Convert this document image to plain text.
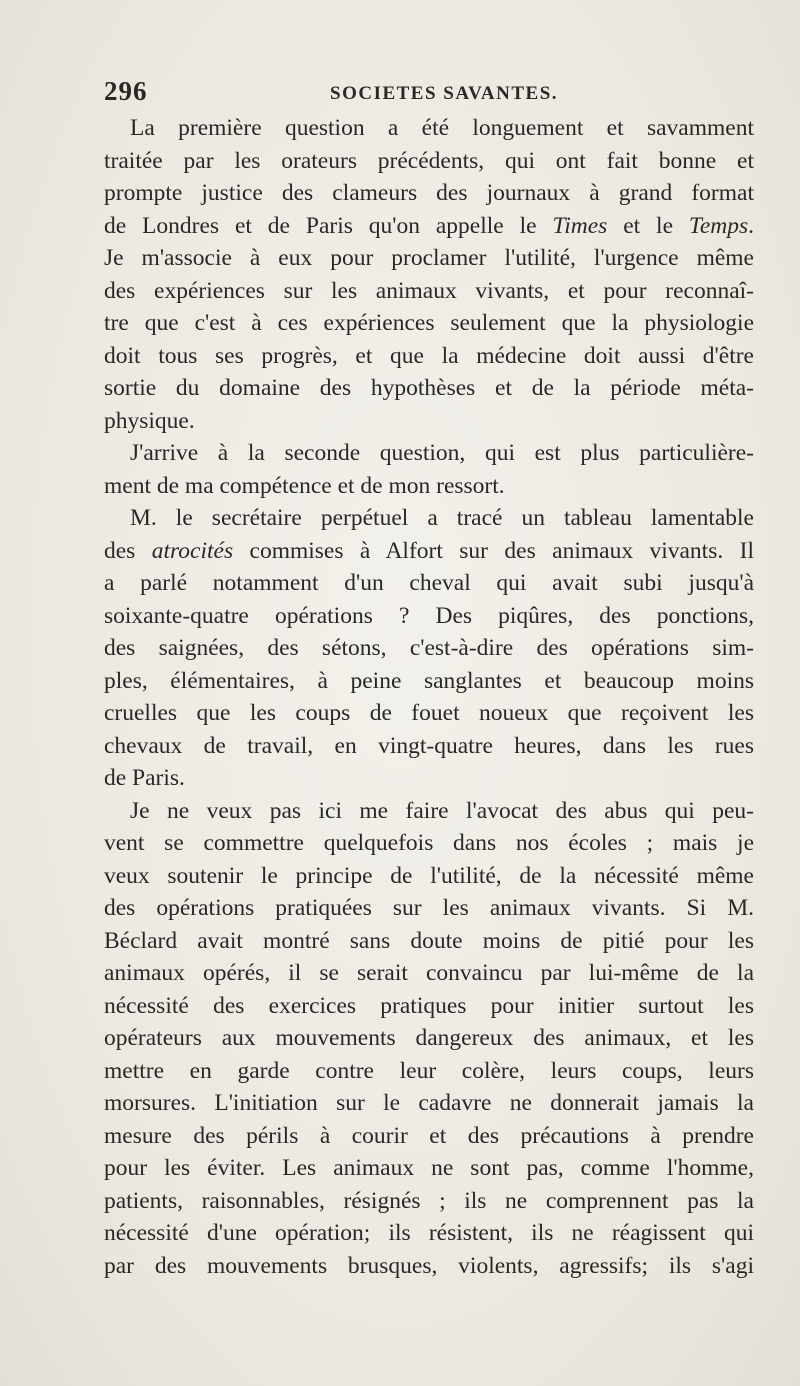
296	SOCIETES SAVANTES.
La première question a été longuement et savamment
traitée par les orateurs précédents, qui ont fait bonne et
prompte justice des clameurs des journaux à grand format
de Londres et de Paris qu'on appelle le Times et le Temps.
Je m'associe à eux pour proclamer l'utilité, l'urgence même
des expériences sur les animaux vivants, et pour reconnaî-
tre que c'est à ces expériences seulement que la physiologie
doit tous ses progrès, et que la médecine doit aussi d'être
sortie du domaine des hypothèses et de la période méta-
physique.
J'arrive à la seconde question, qui est plus particulière-
ment de ma compétence et de mon ressort.
M. le secrétaire perpétuel a tracé un tableau lamentable
des atrocités commises à Alfort sur des animaux vivants. Il
a parlé notamment d'un cheval qui avait subi jusqu'à
soixante-quatre opérations ? Des piqûres, des ponctions,
des saignées, des sétons, c'est-à-dire des opérations sim-
ples, élémentaires, à peine sanglantes et beaucoup moins
cruelles que les coups de fouet noueux que reçoivent les
chevaux de travail, en vingt-quatre heures, dans les rues
de Paris.
Je ne veux pas ici me faire l'avocat des abus qui peu-
vent se commettre quelquefois dans nos écoles ; mais je
veux soutenir le principe de l'utilité, de la nécessité même
des opérations pratiquées sur les animaux vivants. Si M.
Béclard avait montré sans doute moins de pitié pour les
animaux opérés, il se serait convaincu par lui-même de la
nécessité des exercices pratiques pour initier surtout les
opérateurs aux mouvements dangereux des animaux, et les
mettre en garde contre leur colère, leurs coups, leurs
morsures. L'initiation sur le cadavre ne donnerait jamais la
mesure des périls à courir et des précautions à prendre
pour les éviter. Les animaux ne sont pas, comme l'homme,
patients, raisonnables, résignés ; ils ne comprennent pas la
nécessité d'une opération; ils résistent, ils ne réagissent qui
par des mouvements brusques, violents, agressifs; ils s'agi
